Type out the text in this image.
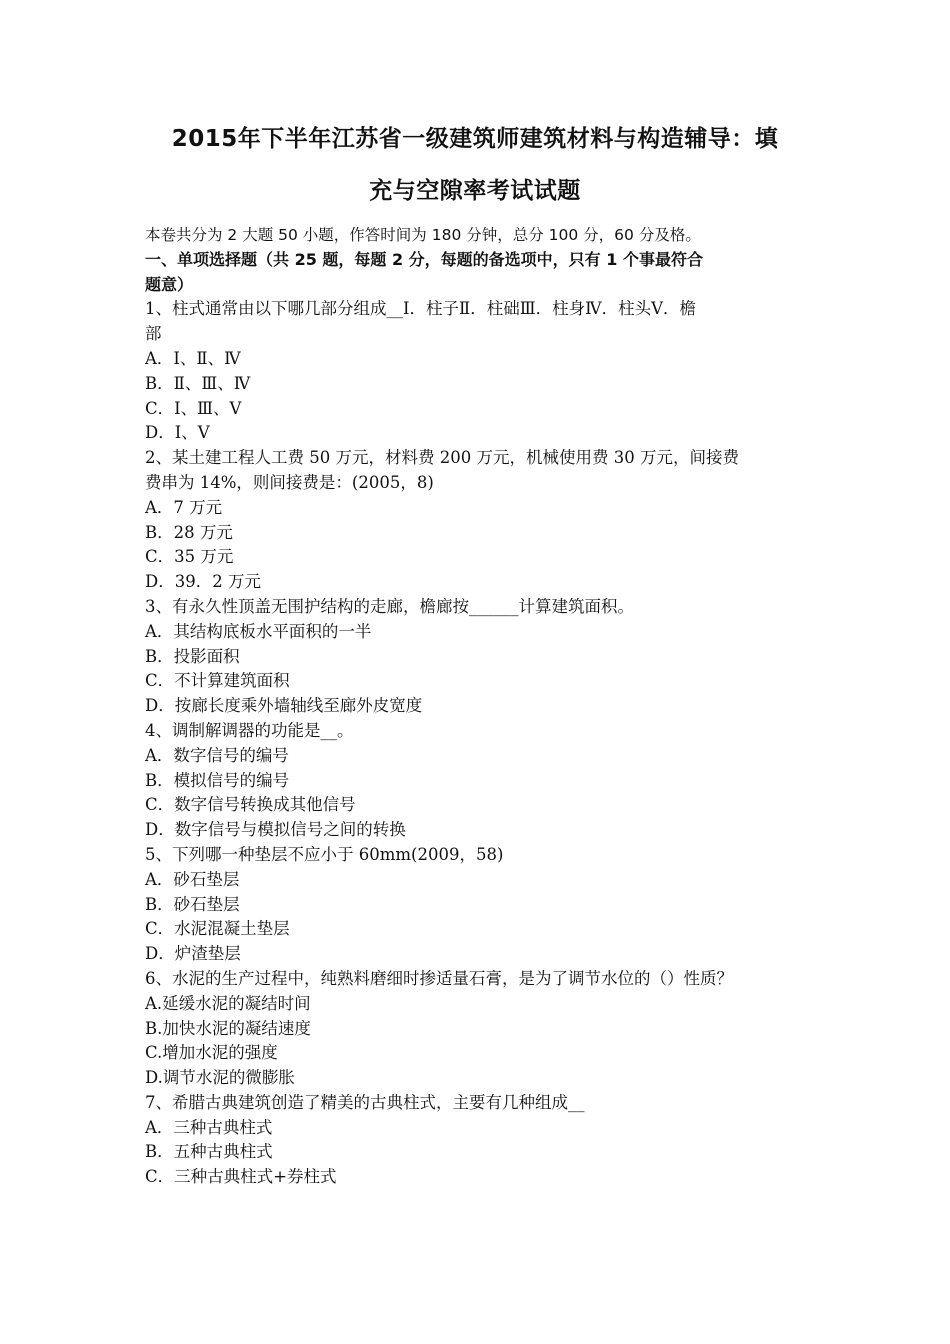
2015年下半年江苏省一级建筑师建筑材料与构造辅导：填
充与空隙率考试试题
本卷共分为 2 大题 50 小题，作答时间为 180 分钟，总分 100 分，60 分及格。
一、单项选择题（共 25 题，每题 2 分，每题的备选项中，只有 1 个事最符合
题意）
1、柱式通常由以下哪几部分组成__Ⅰ．柱子Ⅱ．柱础Ⅲ．柱身Ⅳ．柱头Ⅴ．檐
部
A．Ⅰ、Ⅱ、Ⅳ
B．Ⅱ、Ⅲ、Ⅳ
C．Ⅰ、Ⅲ、Ⅴ
D．Ⅰ、Ⅴ
2、某土建工程人工费 50 万元，材料费 200 万元，机械使用费 30 万元，间接费
费串为 14%，则间接费是：(2005，8)
A．7 万元
B．28 万元
C．35 万元
D．39．2 万元
3、有永久性顶盖无围护结构的走廊，檐廊按______计算建筑面积。
A．其结构底板水平面积的一半
B．投影面积
C．不计算建筑面积
D．按廊长度乘外墙轴线至廊外皮宽度
4、调制解调器的功能是__。
A．数字信号的编号
B．模拟信号的编号
C．数字信号转换成其他信号
D．数字信号与模拟信号之间的转换
5、下列哪一种垫层不应小于 60mm(2009，58)
A．砂石垫层
B．砂石垫层
C．水泥混凝土垫层
D．炉渣垫层
6、水泥的生产过程中，纯熟料磨细时掺适量石膏，是为了调节水位的（）性质？
A.延缓水泥的凝结时间
B.加快水泥的凝结速度
C.增加水泥的强度
D.调节水泥的微膨胀
7、希腊古典建筑创造了精美的古典柱式，主要有几种组成__
A．三种古典柱式
B．五种古典柱式
C．三种古典柱式+券柱式
